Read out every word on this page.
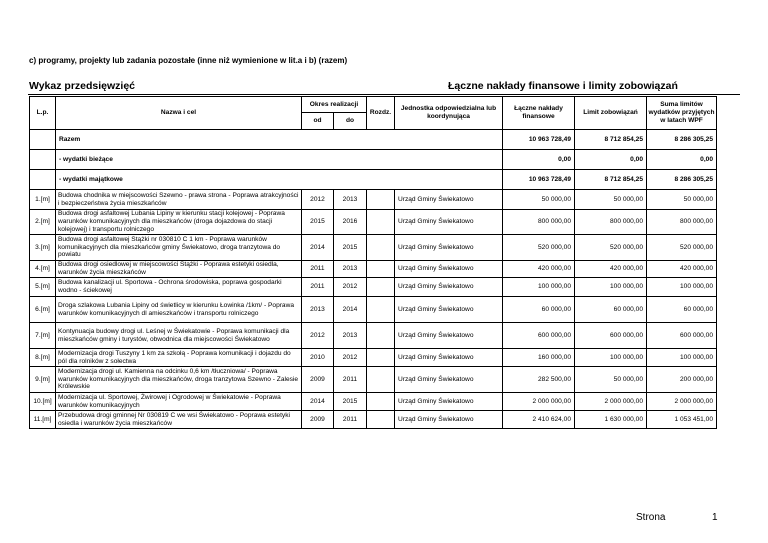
c) programy, projekty lub zadania pozostałe (inne niż wymienione w lit.a i b) (razem)
Wykaz przedsięwzięć	Łączne nakłady finansowe i limity zobowiązań
L.p.	Nazwa i cel	Okres realizacji		Rozdz.	Jednostka odpowiedzialna lub koordynująca	Łączne nakłady finansowe	Limit zobowiązań	Suma limitów wydatków przyjętych w latach WPF
		od	do					
	Razem					10 963 728,49	8 712 854,25	8 286 305,25
	- wydatki bieżące					0,00	0,00	0,00
	- wydatki majątkowe					10 963 728,49	8 712 854,25	8 286 305,25
1.[m]	Budowa chodnika w miejscowości Szewno - prawa strona - Poprawa atrakcyjności i bezpieczeństwa życia mieszkańców	2012	2013		Urząd Gminy Świekatowo	50 000,00	50 000,00	50 000,00
2.[m]	Budowa drogi asfaltowej Lubania Lipiny w kierunku stacji kolejowej - Poprawa warunków komunikacyjnych dla mieszkańców (droga dojazdowa do stacji kolejowej) i transportu rolniczego	2015	2016		Urząd Gminy Świekatowo	800 000,00	800 000,00	800 000,00
3.[m]	Budowa drogi asfaltowej Stążki nr 030810 C 1 km - Poprawa warunków komunikacyjnych dla mieszkańców gminy Świekatowo, droga tranzytowa do powiatu	2014	2015		Urząd Gminy Świekatowo	520 000,00	520 000,00	520 000,00
4.[m]	Budowa drogi osiedlowej w miejscowości Stążki - Poprawa estetyki osiedla, warunków życia mieszkańców	2011	2013		Urząd Gminy Świekatowo	420 000,00	420 000,00	420 000,00
5.[m]	Budowa kanalizacji ul. Sportowa - Ochrona środowiska, poprawa gospodarki wodno - ściekowej	2011	2012		Urząd Gminy Świekatowo	100 000,00	100 000,00	100 000,00
6.[m]	Droga szlakowa Lubania Lipiny od świetlicy w kierunku Łowinka /1km/ - Poprawa warunków komunikacyjnych dl amieszkańców i transportu rolniczego	2013	2014		Urząd Gminy Świekatowo	60 000,00	60 000,00	60 000,00
7.[m]	Kontynuacja budowy drogi ul. Leśnej w Świekatowie - Poprawa komunikacji dla mieszkańców gminy i turystów, obwodnica dla miejscowości Świekatowo	2012	2013		Urząd Gminy Świekatowo	600 000,00	600 000,00	600 000,00
8.[m]	Modernizacja drogi Tuszyny 1 km za szkołą - Poprawa komunikacji i dojazdu do pól dla rolników z sołectwa	2010	2012		Urząd Gminy Świekatowo	160 000,00	100 000,00	100 000,00
9.[m]	Modernizacja drogi ul. Kamienna na odcinku 0,6 km /tłuczniowa/ - Poprawa warunków komunikacyjnych dla mieszkańców, droga tranzytowa Szewno - Zalesie Królewskie	2009	2011		Urząd Gminy Świekatowo	282 500,00	50 000,00	200 000,00
10.[m]	Modernizacja ul. Sportowej, Żwirowej i Ogrodowej w Świekatowie - Poprawa warunków komunikacyjnych	2014	2015		Urząd Gminy Świekatowo	2 000 000,00	2 000 000,00	2 000 000,00
11.[m]	Przebudowa drogi gminnej Nr 030819 C we wsi Świekatowo - Poprawa estetyki osiedla i warunków życia mieszkańców	2009	2011		Urząd Gminy Świekatowo	2 410 624,00	1 630 000,00	1 053 451,00
Strona	1
